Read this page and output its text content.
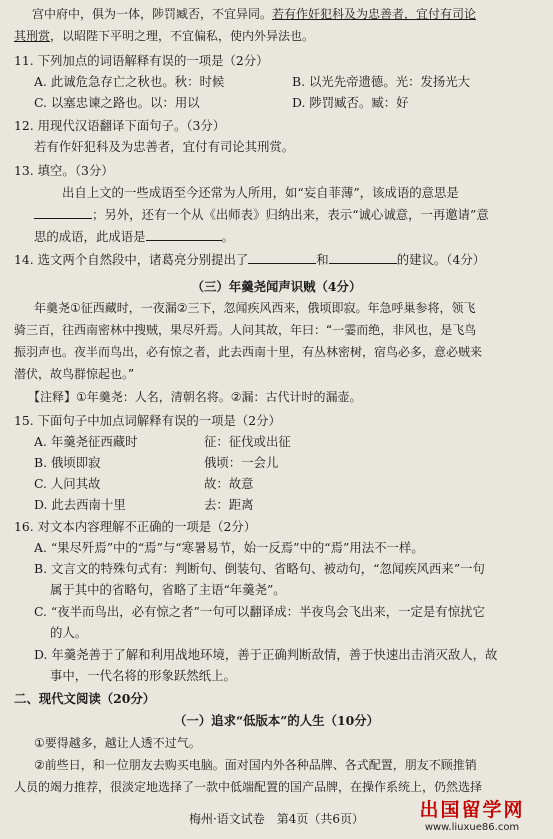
宫中府中，俱为一体，陟罚臧否，不宜异同。若有作奸犯科及为忠善者，宜付有司论
其刑赏，以昭陛下平明之理，不宜偏私，使内外异法也。
11. 下列加点的词语解释有误的一项是（2分）
A. 此诚危急存亡之秋也。秋：时候	B. 以光先帝遗德。光：发扬光大
C. 以塞忠谏之路也。以：用以	D. 陟罚臧否。臧：好
12. 用现代汉语翻译下面句子。（3分）
若有作奸犯科及为忠善者，宜付有司论其刑赏。
13. 填空。（3分）
出自上文的一些成语至今还常为人所用，如“妄自菲薄”，该成语的意思是
；另外，还有一个从《出师表》归纳出来，表示“诚心诚意，一再邀请”意
思的成语，此成语是	。
14. 选文两个自然段中，诸葛亮分别提出了	和	的建议。（4分）
（三）年羹尧闻声识贼（4分）
年羹尧①征西藏时，一夜漏②三下，忽闻疾风西来，俄顷即寂。年急呼巢参将，领飞
骑三百，往西南密林中搜贼，果尽歼焉。人问其故，年曰：“一霎而绝，非风也，是飞鸟
振羽声也。夜半而鸟出，必有惊之者，此去西南十里，有丛林密树，宿鸟必多，意必贼来
潜伏，故鸟群惊起也。”
【注释】①年羹尧：人名，清朝名将。②漏：古代计时的漏壶。
15. 下面句子中加点词解释有误的一项是（2分）
A. 年羹尧征西藏时	征：征伐或出征
B. 俄顷即寂	俄顷：一会儿
C. 人问其故	故：故意
D. 此去西南十里	去：距离
16. 对文本内容理解不正确的一项是（2分）
A. “果尽歼焉”中的“焉”与“寒暑易节，始一反焉”中的“焉”用法不一样。
B. 文言文的特殊句式有：判断句、倒装句、省略句、被动句，“忽闻疾风西来”一句
属于其中的省略句，省略了主语“年羹尧”。
C. “夜半而鸟出，必有惊之者”一句可以翻译成：半夜鸟会飞出来，一定是有惊扰它
的人。
D. 年羹尧善于了解和利用战地环境，善于正确判断敌情，善于快速出击消灭敌人，故
事中，一代名将的形象跃然纸上。
二、现代文阅读（20分）
（一）追求“低版本”的人生（10分）
①要得越多，越让人透不过气。
②前些日，和一位朋友去购买电脑。面对国内外各种品牌、各式配置，朋友不顾推销
人员的竭力推荐，很淡定地选择了一款中低端配置的国产品牌，在操作系统上，仍然选择
梅州·语文试卷　第4页（共6页）	出国留学网
www.liuxue86.com
